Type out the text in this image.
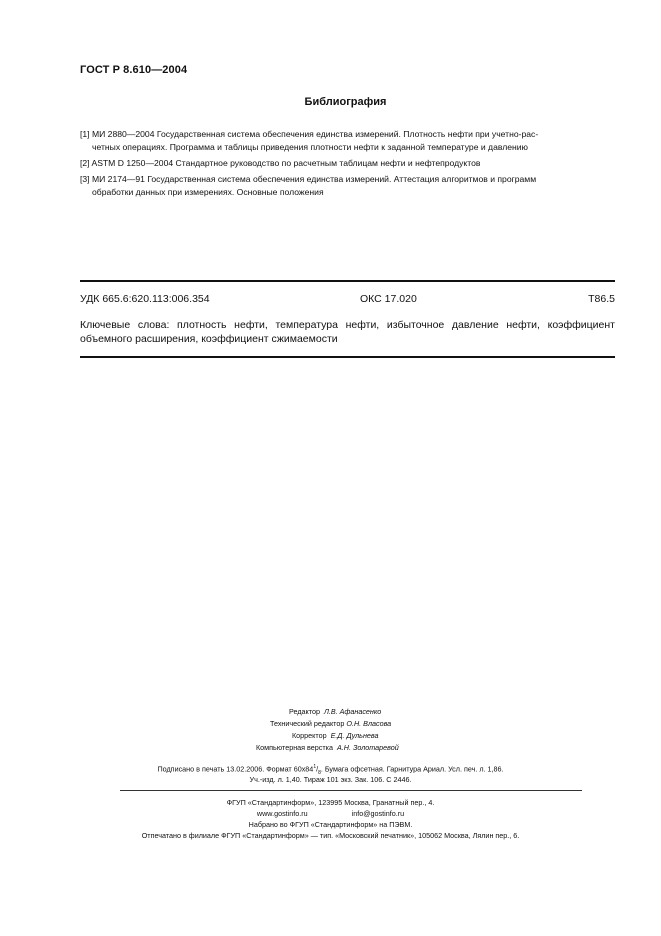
ГОСТ Р 8.610—2004
Библиография
[1] МИ 2880—2004 Государственная система обеспечения единства измерений. Плотность нефти при учетно-рас-
четных операциях. Программа и таблицы приведения плотности нефти к заданной температуре и давлению
[2] ASTM D 1250—2004 Стандартное руководство по расчетным таблицам нефти и нефтепродуктов
[3] МИ 2174—91 Государственная система обеспечения единства измерений. Аттестация алгоритмов и программ
обработки данных при измерениях. Основные положения
УДК 665.6:620.113:006.354	ОКС 17.020	Т86.5
Ключевые слова: плотность нефти, температура нефти, избыточное давление нефти, коэффициент объемного расширения, коэффициент сжимаемости
Редактор Л.В. Афанасенко
Технический редактор О.Н. Власова
Корректор Е.Д. Дульнева
Компьютерная верстка А.Н. Золотаревой
Подписано в печать 13.02.2006. Формат $60x84^1/_8$. Бумага офсетная. Гарнитура Ариал. Усл. печ. л. 1,86.
Уч.-изд. л. 1,40. Тираж 101 экз. Зак. 106. С 2446.
ФГУП «Стандартинформ», 123995 Москва, Гранатный пер., 4.
www.gostinfo.ru	info@gostinfo.ru
Набрано во ФГУП «Стандартинформ» на ПЭВМ.
Отпечатано в филиале ФГУП «Стандартинформ» — тип. «Московский печатник», 105062 Москва, Лялин пер., 6.
